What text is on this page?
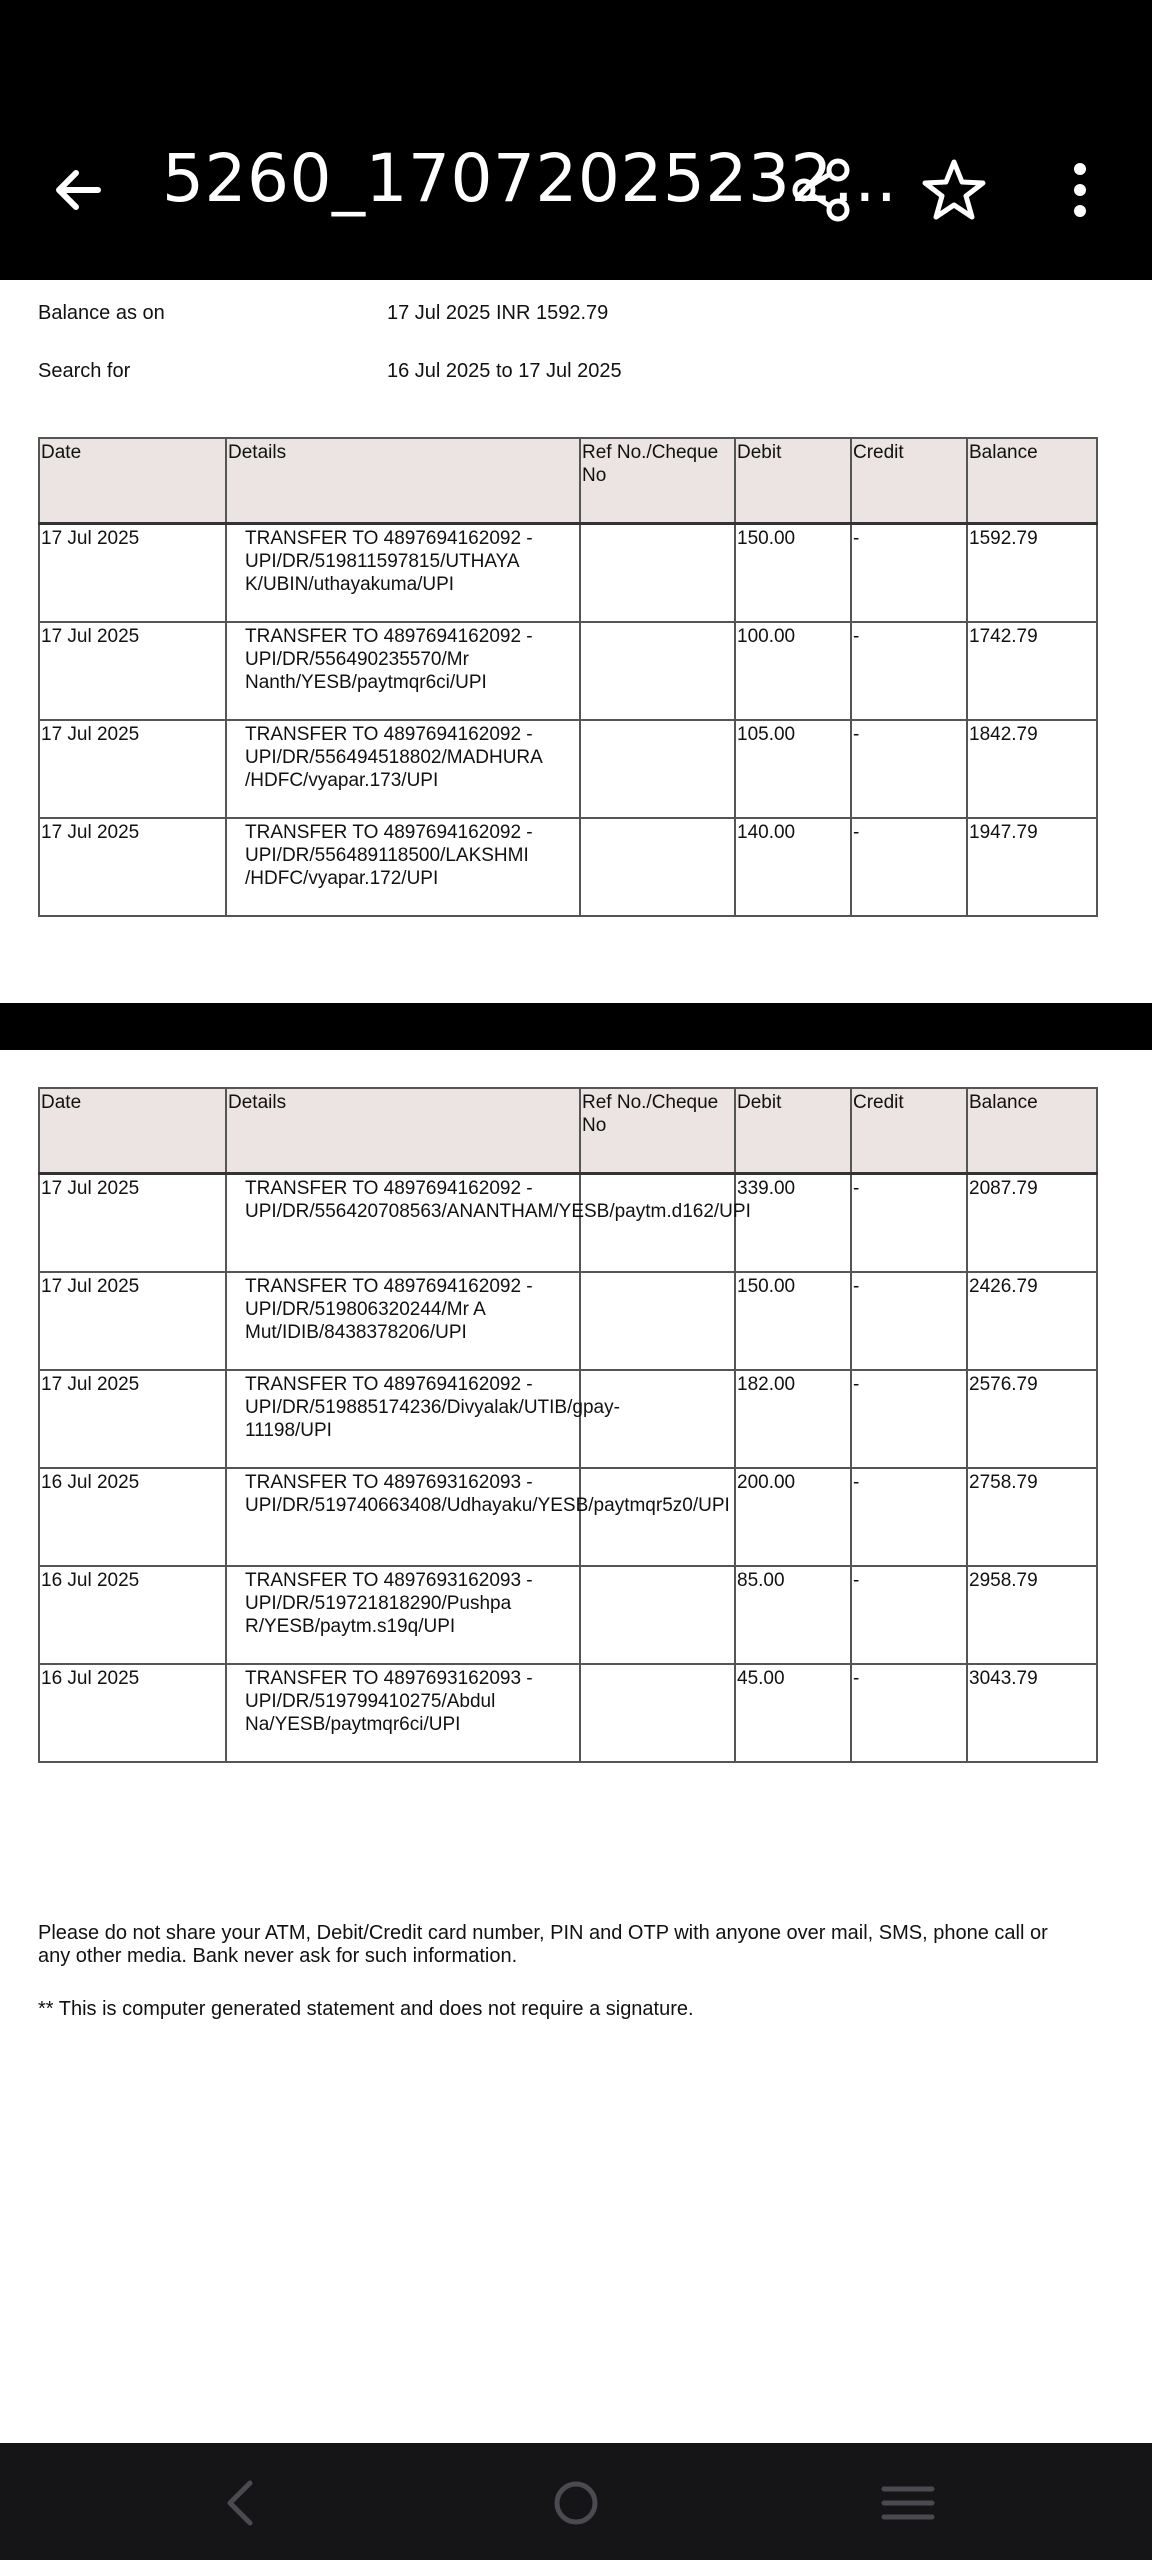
5260_17072025232...
Balance as on	17 Jul 2025 INR 1592.79
Search for	16 Jul 2025 to 17 Jul 2025
Date	Details	Ref No./Cheque No	Debit	Credit	Balance
17 Jul 2025	TRANSFER TO 4897694162092 - UPI/DR/519811597815/UTHAYA K/UBIN/uthayakuma/UPI		150.00	-	1592.79
17 Jul 2025	TRANSFER TO 4897694162092 - UPI/DR/556490235570/Mr Nanth/YESB/paytmqr6ci/UPI		100.00	-	1742.79
17 Jul 2025	TRANSFER TO 4897694162092 - UPI/DR/556494518802/MADHURA /HDFC/vyapar.173/UPI		105.00	-	1842.79
17 Jul 2025	TRANSFER TO 4897694162092 - UPI/DR/556489118500/LAKSHMI /HDFC/vyapar.172/UPI		140.00	-	1947.79
Date	Details	Ref No./Cheque No	Debit	Credit	Balance
17 Jul 2025	TRANSFER TO 4897694162092 - UPI/DR/556420708563/ANANTHAM/YESB/paytm.d162/UPI		339.00	-	2087.79
17 Jul 2025	TRANSFER TO 4897694162092 - UPI/DR/519806320244/Mr A Mut/IDIB/8438378206/UPI		150.00	-	2426.79
17 Jul 2025	TRANSFER TO 4897694162092 - UPI/DR/519885174236/Divyalak/UTIB/gpay-11198/UPI		182.00	-	2576.79
16 Jul 2025	TRANSFER TO 4897693162093 - UPI/DR/519740663408/Udhayaku/YESB/paytmqr5z0/UPI		200.00	-	2758.79
16 Jul 2025	TRANSFER TO 4897693162093 - UPI/DR/519721818290/Pushpa R/YESB/paytm.s19q/UPI		85.00	-	2958.79
16 Jul 2025	TRANSFER TO 4897693162093 - UPI/DR/519799410275/Abdul Na/YESB/paytmqr6ci/UPI		45.00	-	3043.79
Please do not share your ATM, Debit/Credit card number, PIN and OTP with anyone over mail, SMS, phone call or any other media. Bank never ask for such information.
** This is computer generated statement and does not require a signature.
